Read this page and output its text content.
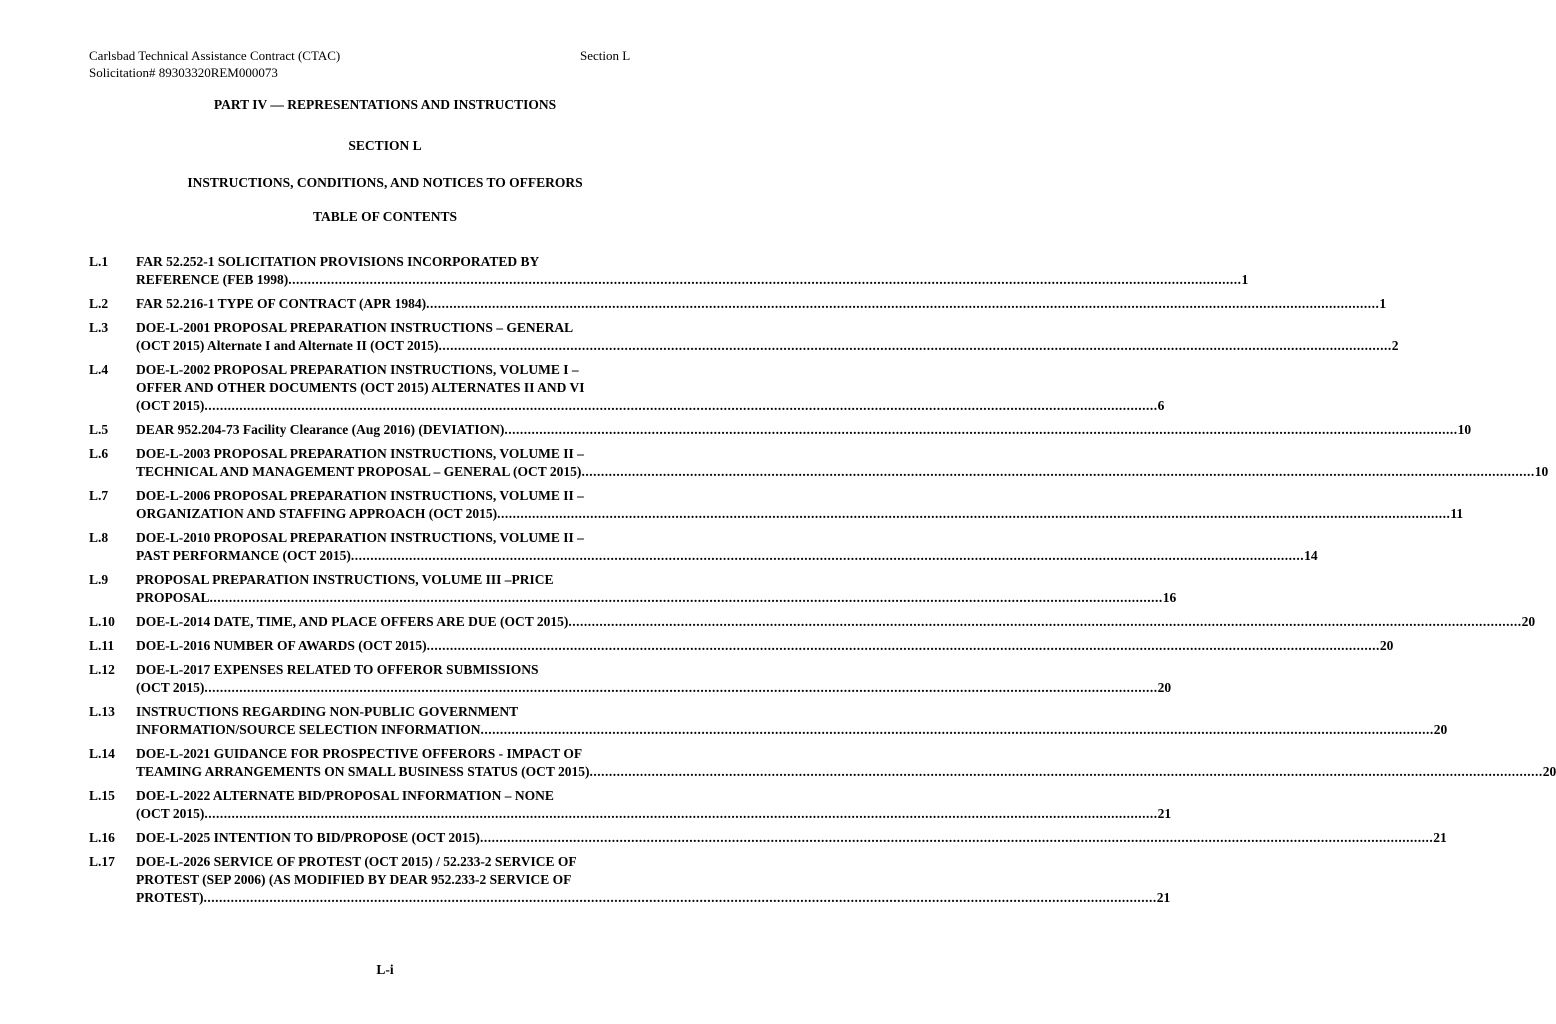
Carlsbad Technical Assistance Contract (CTAC)
Solicitation# 89303320REM000073
Section L
PART IV — REPRESENTATIONS AND INSTRUCTIONS
SECTION L
INSTRUCTIONS, CONDITIONS, AND NOTICES TO OFFERORS
TABLE OF CONTENTS
L.1 FAR 52.252-1 SOLICITATION PROVISIONS INCORPORATED BY
REFERENCE (FEB 1998) .....	1
L.2 FAR 52.216-1 TYPE OF CONTRACT (APR 1984) .....	1
L.3 DOE-L-2001 PROPOSAL PREPARATION INSTRUCTIONS – GENERAL
(OCT 2015) Alternate I and Alternate II (OCT 2015) .....	2
L.4 DOE-L-2002 PROPOSAL PREPARATION INSTRUCTIONS, VOLUME I –
OFFER AND OTHER DOCUMENTS (OCT 2015) ALTERNATES II AND VI
(OCT 2015) .....	6
L.5 DEAR 952.204-73 Facility Clearance (Aug 2016) (DEVIATION) .....	10
L.6 DOE-L-2003 PROPOSAL PREPARATION INSTRUCTIONS, VOLUME II –
TECHNICAL AND MANAGEMENT PROPOSAL – GENERAL (OCT 2015) .....	10
L.7 DOE-L-2006 PROPOSAL PREPARATION INSTRUCTIONS, VOLUME II –
ORGANIZATION AND STAFFING APPROACH (OCT 2015) .....	11
L.8 DOE-L-2010 PROPOSAL PREPARATION INSTRUCTIONS, VOLUME II –
PAST PERFORMANCE (OCT 2015) .....	14
L.9 PROPOSAL PREPARATION INSTRUCTIONS, VOLUME III –PRICE
PROPOSAL .....	16
L.10 DOE-L-2014 DATE, TIME, AND PLACE OFFERS ARE DUE (OCT 2015) .....	20
L.11 DOE-L-2016 NUMBER OF AWARDS (OCT 2015) .....	20
L.12 DOE-L-2017 EXPENSES RELATED TO OFFEROR SUBMISSIONS
(OCT 2015) .....	20
L.13 INSTRUCTIONS REGARDING NON-PUBLIC GOVERNMENT
INFORMATION/SOURCE SELECTION INFORMATION .....	20
L.14 DOE-L-2021 GUIDANCE FOR PROSPECTIVE OFFERORS - IMPACT OF
TEAMING ARRANGEMENTS ON SMALL BUSINESS STATUS (OCT 2015) .....	20
L.15 DOE-L-2022 ALTERNATE BID/PROPOSAL INFORMATION – NONE
(OCT 2015) .....	21
L.16 DOE-L-2025 INTENTION TO BID/PROPOSE (OCT 2015) .....	21
L.17 DOE-L-2026 SERVICE OF PROTEST (OCT 2015) / 52.233-2 SERVICE OF
PROTEST (SEP 2006) (AS MODIFIED BY DEAR 952.233-2 SERVICE OF
PROTEST) .....	21
L-i
